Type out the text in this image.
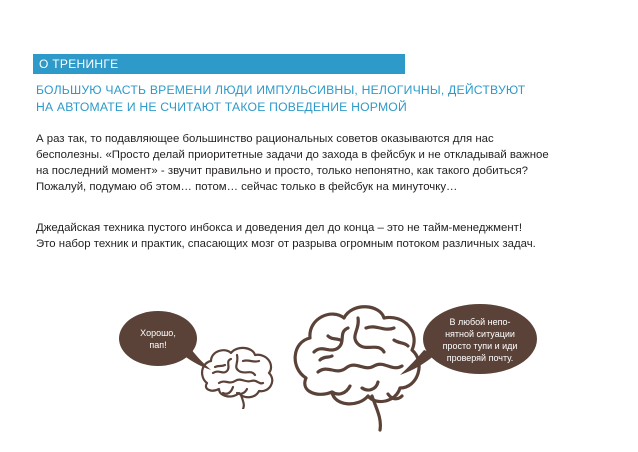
О ТРЕНИНГЕ
БОЛЬШУЮ ЧАСТЬ ВРЕМЕНИ ЛЮДИ ИМПУЛЬСИВНЫ, НЕЛОГИЧНЫ, ДЕЙСТВУЮТ
НА АВТОМАТЕ И НЕ СЧИТАЮТ ТАКОЕ ПОВЕДЕНИЕ НОРМОЙ
А раз так, то подавляющее большинство рациональных советов оказываются для нас
бесполезны. «Просто делай приоритетные задачи до захода в фейсбук и не откладывай важное
на последний момент» - звучит правильно и просто, только непонятно, как такого добиться?
Пожалуй, подумаю об этом… потом… сейчас только в фейсбук на минуточку…
Джедайская техника пустого инбокса и доведения дел до конца – это не тайм-менеджмент!
Это набор техник и практик, спасающих мозг от разрыва огромным потоком различных задач.
Хорошо,
пап!
В любой непо-
нятной ситуации
просто тупи и иди
проверяй почту.
